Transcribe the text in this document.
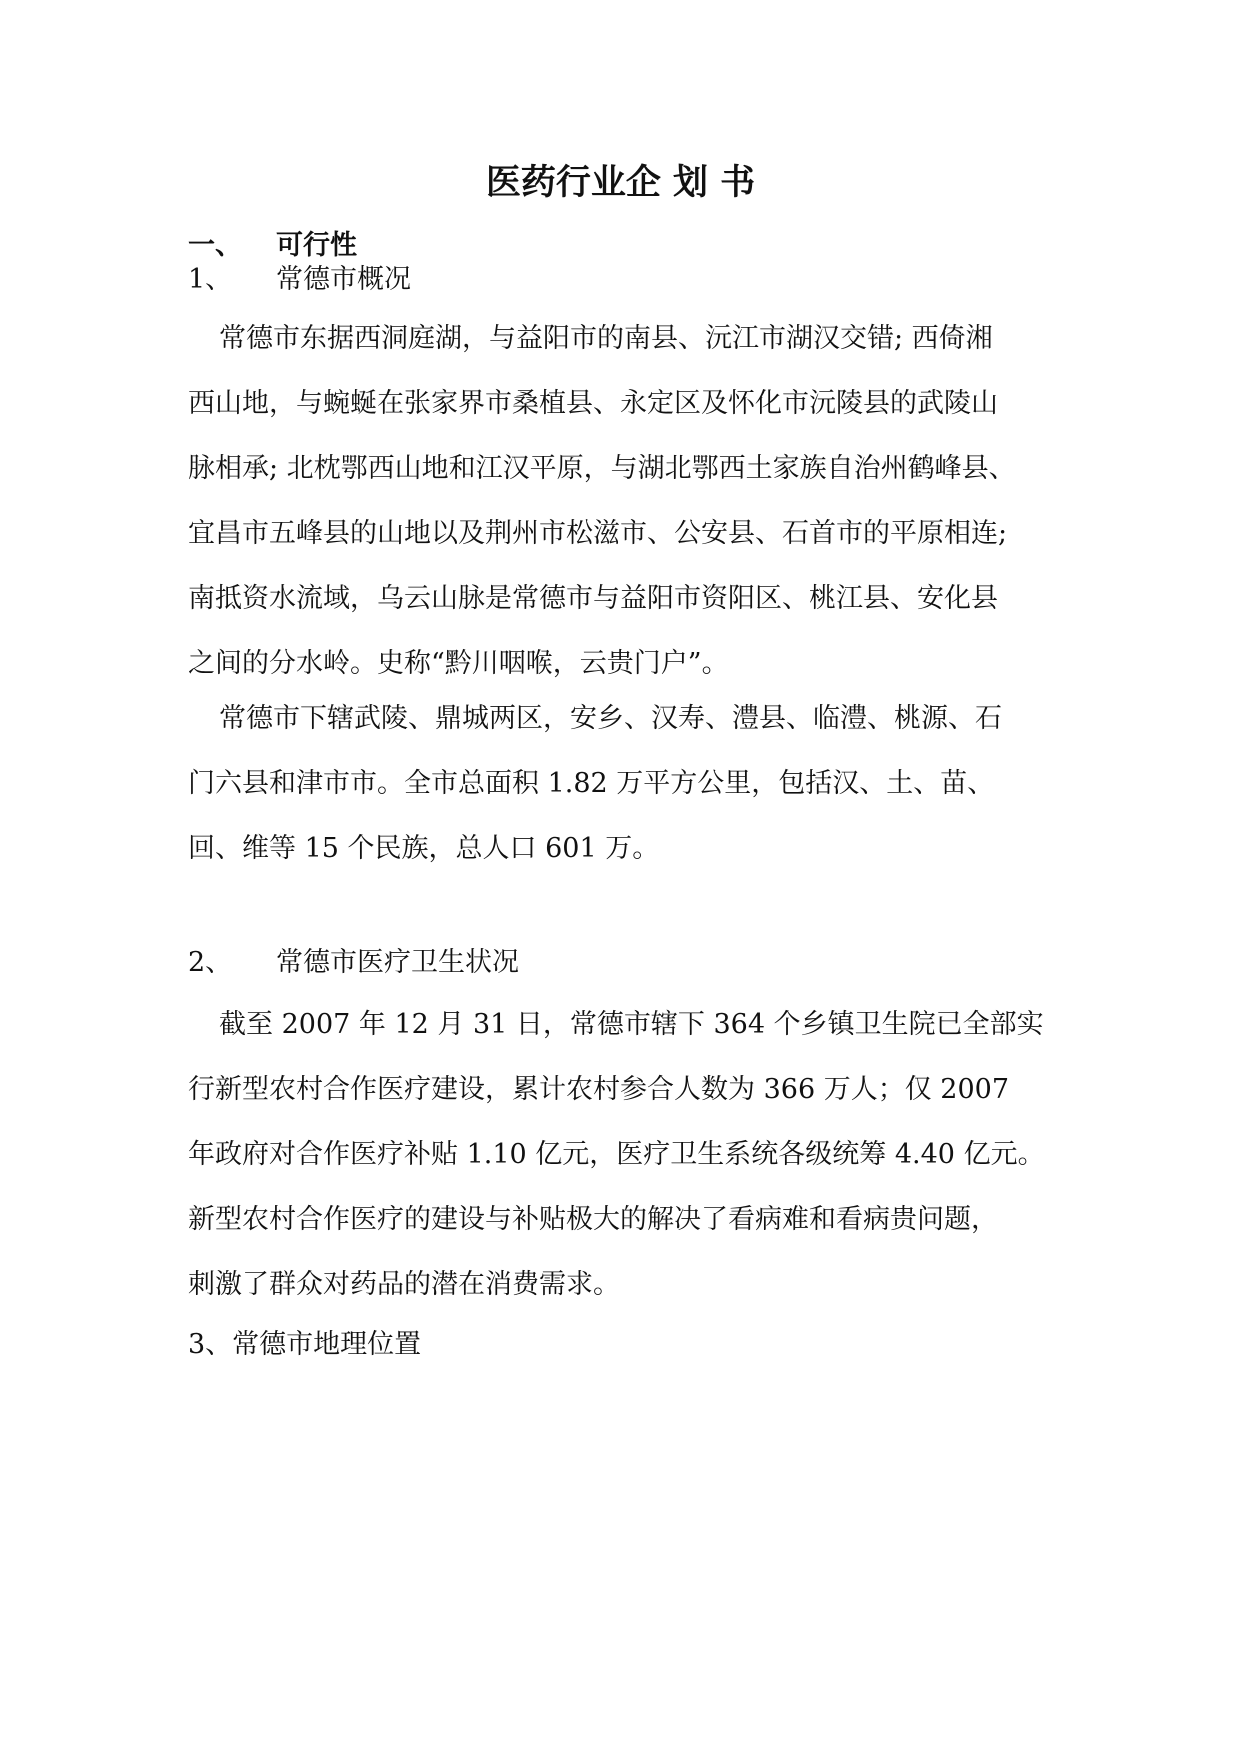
医药行业企 划 书
一、 可行性
1、 常德市概况
常德市东据西洞庭湖，与益阳市的南县、沅江市湖汉交错; 西倚湘
西山地，与蜿蜒在张家界市桑植县、永定区及怀化市沅陵县的武陵山
脉相承; 北枕鄂西山地和江汉平原，与湖北鄂西土家族自治州鹤峰县、
宜昌市五峰县的山地以及荆州市松滋市、公安县、石首市的平原相连;
南抵资水流域，乌云山脉是常德市与益阳市资阳区、桃江县、安化县
之间的分水岭。史称“黔川咽喉，云贵门户”。
常德市下辖武陵、鼎城两区，安乡、汉寿、澧县、临澧、桃源、石
门六县和津市市。全市总面积 1.82 万平方公里，包括汉、土、苗、
回、维等 15 个民族，总人口 601 万。
2、 常德市医疗卫生状况
截至 2007 年 12 月 31 日，常德市辖下 364 个乡镇卫生院已全部实
行新型农村合作医疗建设，累计农村参合人数为 366 万人；仅 2007
年政府对合作医疗补贴 1.10 亿元，医疗卫生系统各级统筹 4.40 亿元。
新型农村合作医疗的建设与补贴极大的解决了看病难和看病贵问题，
刺激了群众对药品的潜在消费需求。
3、常德市地理位置
